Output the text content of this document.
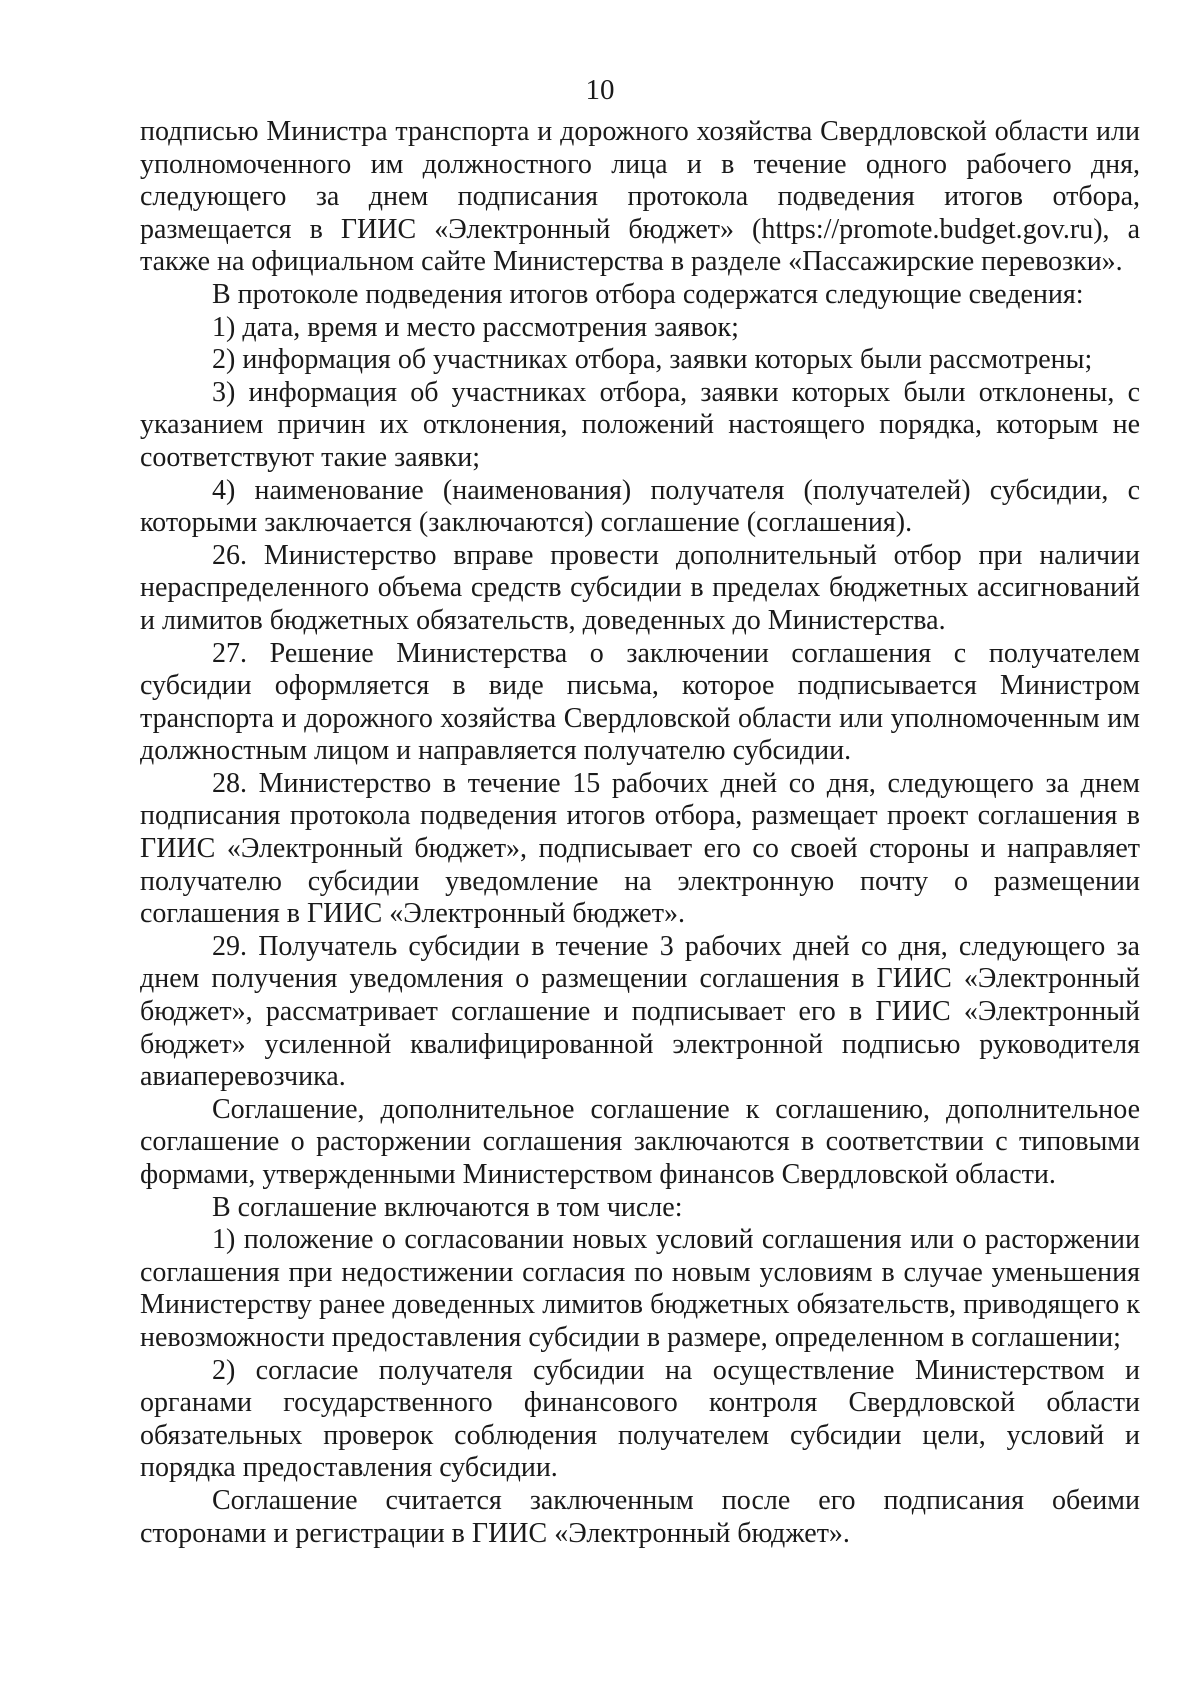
10

подписью Министра транспорта и дорожного хозяйства Свердловской области или уполномоченного им должностного лица и в течение одного рабочего дня, следующего за днем подписания протокола подведения итогов отбора, размещается в ГИИС «Электронный бюджет» (https://promote.budget.gov.ru), а также на официальном сайте Министерства в разделе «Пассажирские перевозки».

В протоколе подведения итогов отбора содержатся следующие сведения:

1) дата, время и место рассмотрения заявок;

2) информация об участниках отбора, заявки которых были рассмотрены;

3) информация об участниках отбора, заявки которых были отклонены, с указанием причин их отклонения, положений настоящего порядка, которым не соответствуют такие заявки;

4) наименование (наименования) получателя (получателей) субсидии, с которыми заключается (заключаются) соглашение (соглашения).

26. Министерство вправе провести дополнительный отбор при наличии нераспределенного объема средств субсидии в пределах бюджетных ассигнований и лимитов бюджетных обязательств, доведенных до Министерства.

27. Решение Министерства о заключении соглашения с получателем субсидии оформляется в виде письма, которое подписывается Министром транспорта и дорожного хозяйства Свердловской области или уполномоченным им должностным лицом и направляется получателю субсидии.

28. Министерство в течение 15 рабочих дней со дня, следующего за днем подписания протокола подведения итогов отбора, размещает проект соглашения в ГИИС «Электронный бюджет», подписывает его со своей стороны и направляет получателю субсидии уведомление на электронную почту о размещении соглашения в ГИИС «Электронный бюджет».

29. Получатель субсидии в течение 3 рабочих дней со дня, следующего за днем получения уведомления о размещении соглашения в ГИИС «Электронный бюджет», рассматривает соглашение и подписывает его в ГИИС «Электронный бюджет» усиленной квалифицированной электронной подписью руководителя авиаперевозчика.

Соглашение, дополнительное соглашение к соглашению, дополнительное соглашение о расторжении соглашения заключаются в соответствии с типовыми формами, утвержденными Министерством финансов Свердловской области.

В соглашение включаются в том числе:

1) положение о согласовании новых условий соглашения или о расторжении соглашения при недостижении согласия по новым условиям в случае уменьшения Министерству ранее доведенных лимитов бюджетных обязательств, приводящего к невозможности предоставления субсидии в размере, определенном в соглашении;

2) согласие получателя субсидии на осуществление Министерством и органами государственного финансового контроля Свердловской области обязательных проверок соблюдения получателем субсидии цели, условий и порядка предоставления субсидии.

Соглашение считается заключенным после его подписания обеими сторонами и регистрации в ГИИС «Электронный бюджет».
